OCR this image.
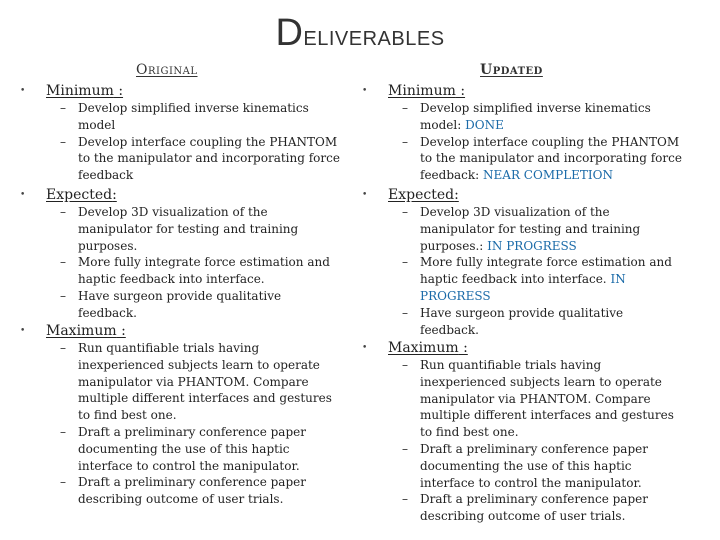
Deliverables
Original
• Minimum :
– Develop simplified inverse kinematics model
– Develop interface coupling the PHANTOM to the manipulator and incorporating force feedback
• Expected:
– Develop 3D visualization of the manipulator for testing and training purposes.
– More fully integrate force estimation and haptic feedback into interface.
– Have surgeon provide qualitative feedback.
• Maximum :
– Run quantifiable trials having inexperienced subjects learn to operate manipulator via PHANTOM. Compare multiple different interfaces and gestures to find best one.
– Draft a preliminary conference paper documenting the use of this haptic interface to control the manipulator.
– Draft a preliminary conference paper describing outcome of user trials.
Updated
• Minimum :
– Develop simplified inverse kinematics model: DONE
– Develop interface coupling the PHANTOM to the manipulator and incorporating force feedback: NEAR COMPLETION
• Expected:
– Develop 3D visualization of the manipulator for testing and training purposes.: IN PROGRESS
– More fully integrate force estimation and haptic feedback into interface. IN PROGRESS
– Have surgeon provide qualitative feedback.
• Maximum :
– Run quantifiable trials having inexperienced subjects learn to operate manipulator via PHANTOM. Compare multiple different interfaces and gestures to find best one.
– Draft a preliminary conference paper documenting the use of this haptic interface to control the manipulator.
– Draft a preliminary conference paper describing outcome of user trials.
